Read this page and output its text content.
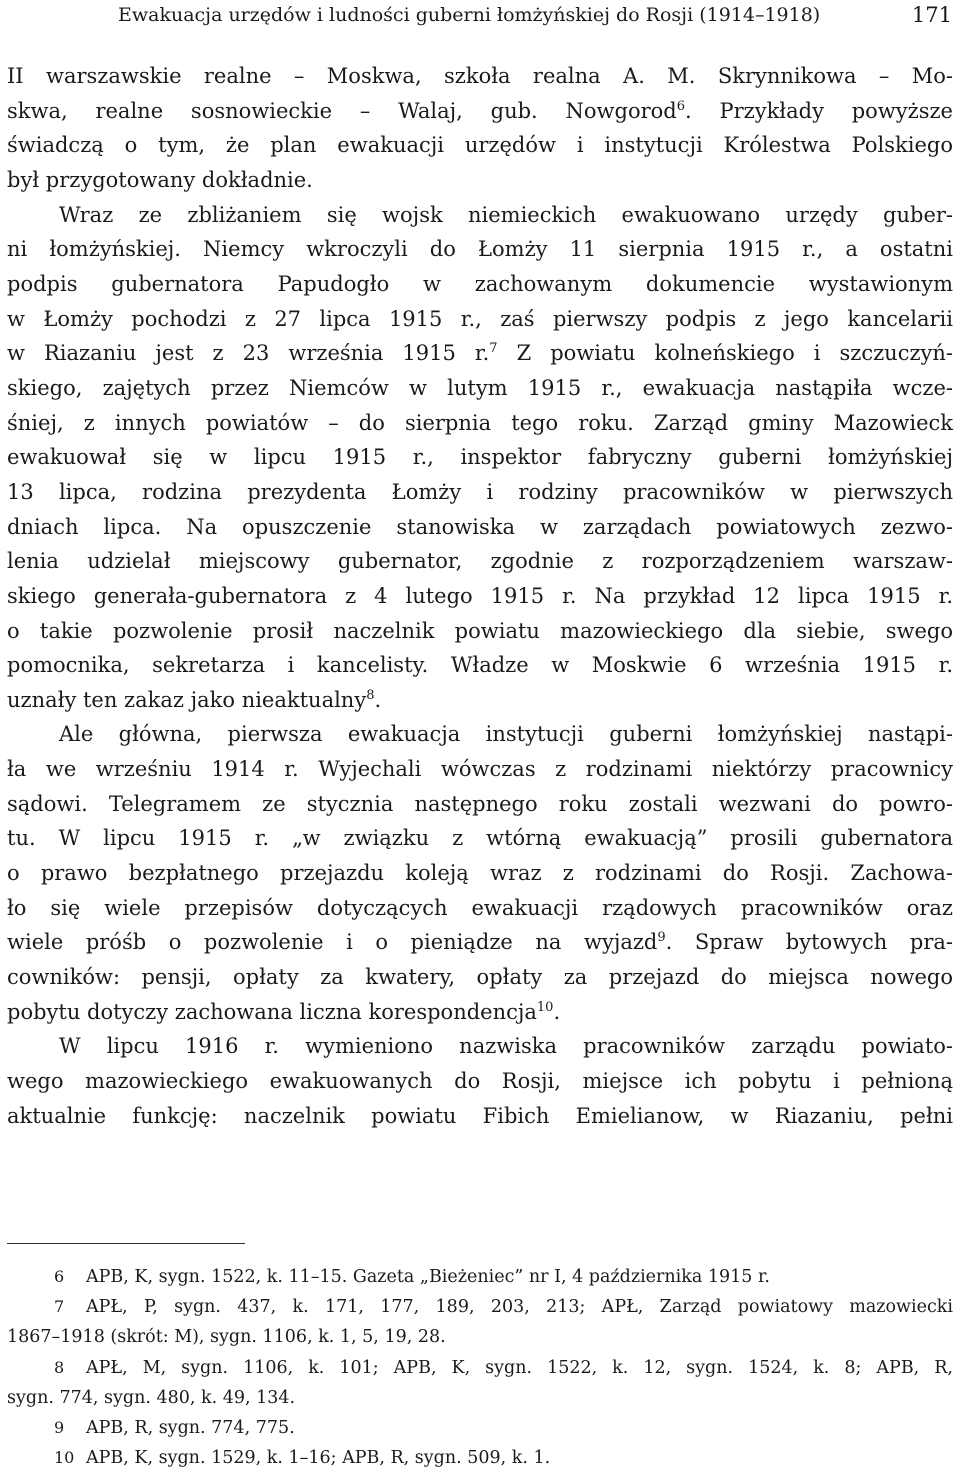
Ewakuacja urzędów i ludności guberni łomżyńskiej do Rosji (1914–1918)	171
II warszawskie realne – Moskwa, szkoła realna A. M. Skrynnikowa – Mo-
skwa, realne sosnowieckie – Walaj, gub. Nowgorod$^6$. Przykłady powyższe
świadczą o tym, że plan ewakuacji urzędów i instytucji Królestwa Polskiego
był przygotowany dokładnie.
Wraz ze zbliżaniem się wojsk niemieckich ewakuowano urzędy guber-
ni łomżyńskiej. Niemcy wkroczyli do Łomży 11 sierpnia 1915 r., a ostatni
podpis gubernatora Papudogło w zachowanym dokumencie wystawionym
w Łomży pochodzi z 27 lipca 1915 r., zaś pierwszy podpis z jego kancelarii
w Riazaniu jest z 23 września 1915 r.$^7$ Z powiatu kolneńskiego i szczuczyń-
skiego, zajętych przez Niemców w lutym 1915 r., ewakuacja nastąpiła wcze-
śniej, z innych powiatów – do sierpnia tego roku. Zarząd gminy Mazowieck
ewakuował się w lipcu 1915 r., inspektor fabryczny guberni łomżyńskiej
13 lipca, rodzina prezydenta Łomży i rodziny pracowników w pierwszych
dniach lipca. Na opuszczenie stanowiska w zarządach powiatowych zezwo-
lenia udzielał miejscowy gubernator, zgodnie z rozporządzeniem warszaw-
skiego generała-gubernatora z 4 lutego 1915 r. Na przykład 12 lipca 1915 r.
o takie pozwolenie prosił naczelnik powiatu mazowieckiego dla siebie, swego
pomocnika, sekretarza i kancelisty. Władze w Moskwie 6 września 1915 r.
uznały ten zakaz jako nieaktualny$^8$.
Ale główna, pierwsza ewakuacja instytucji guberni łomżyńskiej nastąpi-
ła we wrześniu 1914 r. Wyjechali wówczas z rodzinami niektórzy pracownicy
sądowi. Telegramem ze stycznia następnego roku zostali wezwani do powro-
tu. W lipcu 1915 r. „w związku z wtórną ewakuacją” prosili gubernatora
o prawo bezpłatnego przejazdu koleją wraz z rodzinami do Rosji. Zachowa-
ło się wiele przepisów dotyczących ewakuacji rządowych pracowników oraz
wiele próśb o pozwolenie i o pieniądze na wyjazd$^9$. Spraw bytowych pra-
cowników: pensji, opłaty za kwatery, opłaty za przejazd do miejsca nowego
pobytu dotyczy zachowana liczna korespondencja$^{10}$.
W lipcu 1916 r. wymieniono nazwiska pracowników zarządu powiato-
wego mazowieckiego ewakuowanych do Rosji, miejsce ich pobytu i pełnioną
aktualnie funkcję: naczelnik powiatu Fibich Emielianow, w Riazaniu, pełni
6 APB, K, sygn. 1522, k. 11–15. Gazeta „Bieżeniec” nr I, 4 października 1915 r.
7 APŁ, P, sygn. 437, k. 171, 177, 189, 203, 213; APŁ, Zarząd powiatowy mazowiecki
1867–1918 (skrót: M), sygn. 1106, k. 1, 5, 19, 28.
8 APŁ, M, sygn. 1106, k. 101; APB, K, sygn. 1522, k. 12, sygn. 1524, k. 8; APB, R,
sygn. 774, sygn. 480, k. 49, 134.
9 APB, R, sygn. 774, 775.
10 APB, K, sygn. 1529, k. 1–16; APB, R, sygn. 509, k. 1.
